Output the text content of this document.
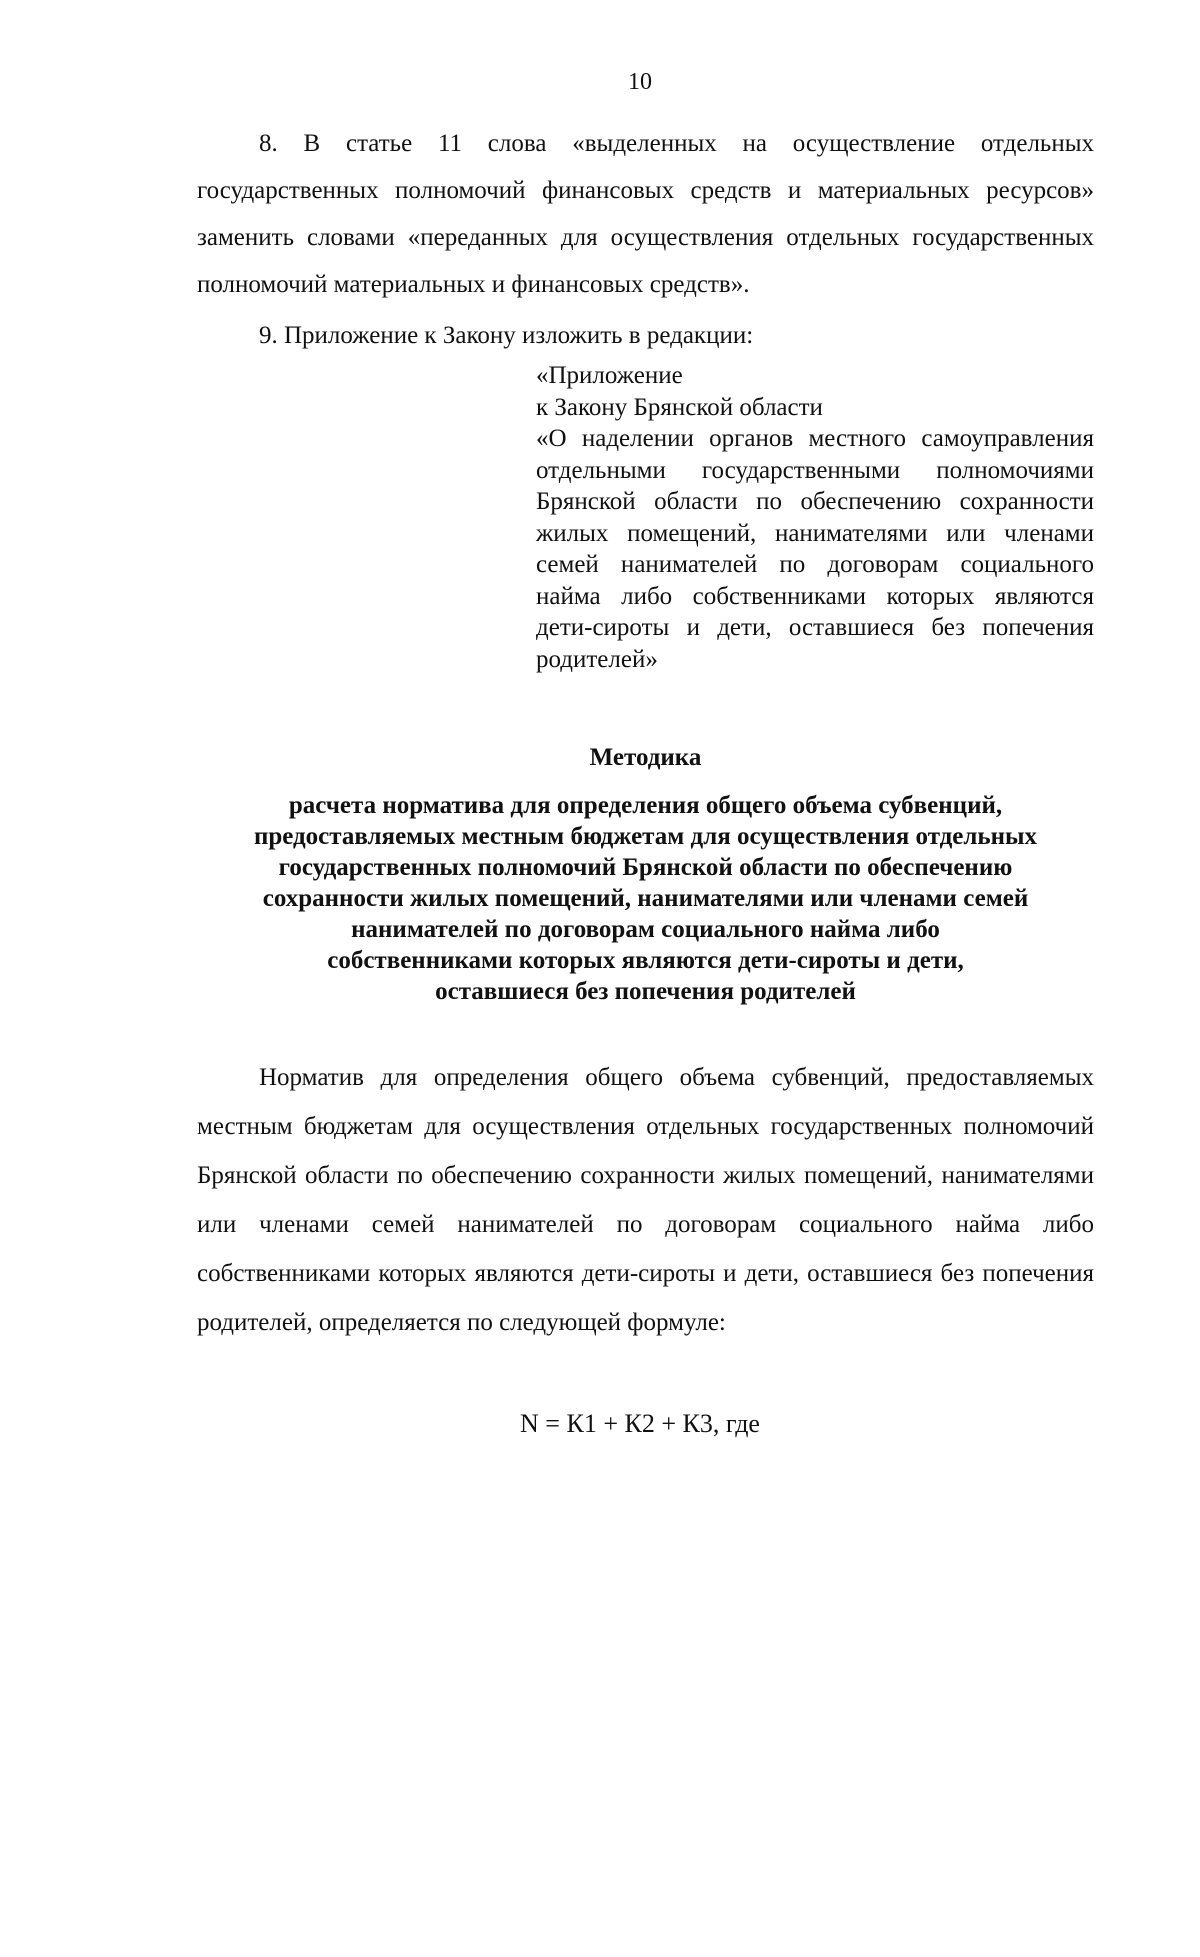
10

8. В статье 11 слова «выделенных на осуществление отдельных государственных полномочий финансовых средств и материальных ресурсов» заменить словами «переданных для осуществления отдельных государственных полномочий материальных и финансовых средств».

9. Приложение к Закону изложить в редакции:

«Приложение

к Закону Брянской области

«О наделении органов местного самоуправления отдельными государственными полномочиями Брянской области по обеспечению сохранности жилых помещений, нанимателями или членами семей нанимателей по договорам социального найма либо собственниками которых являются дети-сироты и дети, оставшиеся без попечения родителей»

Методика

расчета норматива для определения общего объема субвенций,
предоставляемых местным бюджетам для осуществления отдельных
государственных полномочий Брянской области по обеспечению
сохранности жилых помещений, нанимателями или членами семей
нанимателей по договорам социального найма либо
собственниками которых являются дети-сироты и дети,
оставшиеся без попечения родителей

Норматив для определения общего объема субвенций, предоставляемых местным бюджетам для осуществления отдельных государственных полномочий Брянской области по обеспечению сохранности жилых помещений, нанимателями или членами семей нанимателей по договорам социального найма либо собственниками которых являются дети-сироты и дети, оставшиеся без попечения родителей, определяется по следующей формуле:

N = К1 + К2 + К3, где
